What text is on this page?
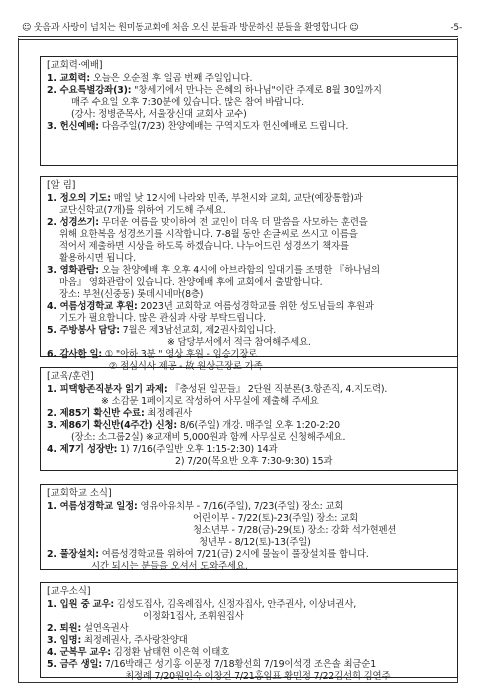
☺ 웃음과 사랑이 넘치는 원미동교회에 처음 오신 분들과 방문하신 분들을 환영합니다 ☺	-5-
[교회력·예배]
1. 교회력: 오늘은 오순절 후 일곱 번째 주일입니다.
2. 수요특별강좌(3): "창세기에서 만나는 은혜의 하나님"이란 주제로 8월 30일까지
매주 수요일 오후 7:30분에 있습니다. 많은 참여 바랍니다.
(강사: 정병준목사, 서울장신대 교회사 교수)
3. 헌신예배: 다음주일(7/23) 찬양예배는 구역지도자 헌신예배로 드립니다.
[알 림]
1. 정오의 기도: 매일 낮 12시에 나라와 민족, 부천시와 교회, 교단(예장통합)과
교단신학교(7개)를 위하여 기도해 주세요.
2. 성경쓰기: 무더운 여름을 맞이하여 전 교인이 더욱 더 말씀을 사모하는 훈련을
위해 요한복음 성경쓰기를 시작합니다. 7-8월 동안 손글씨로 쓰시고 이름을
적어서 제출하면 시상을 하도록 하겠습니다. 나누어드린 성경쓰기 책자를
활용하시면 됩니다.
3. 영화관람: 오늘 찬양예배 후 오후 4시에 아브라함의 일대기를 조명한 『하나님의
마음』 영화관람이 있습니다. 찬양예배 후에 교회에서 출발합니다.
장소: 부천(신중동) 롯데시네마(8층)
4. 여름성경학교 후원: 2023년 교회학교 여름성경학교를 위한 성도님들의 후원과
기도가 필요합니다. 많은 관심과 사랑 부탁드립니다.
5. 주방봉사 담당: 7월은 제3남선교회, 제2권사회입니다.
※ 담당부서에서 적극 참여해주세요.
6. 감사한 일: ① "아하 3분 " 영상 후원 - 임승기장로
② 점심식사 제공 - 故 원상근장로 가족
[교육/훈련]
1. 피택항존직분자 읽기 과제: 『충성된 일꾼들』 2단원 직분론(3.항존직, 4.지도력).
※ 소감문 1페이지로 작성하여 사무실에 제출해 주세요
2. 제85기 확신반 수료: 최정례권사
3. 제86기 확신반(4주간) 신청: 8/6(주일) 개강. 매주일 오후 1:20-2:20
(장소: 소그룹2실) ※교재비 5,000원과 함께 사무실로 신청해주세요.
4. 제7기 성장반: 1) 7/16(주일반 오후 1:15-2:30) 14과
2) 7/20(목요반 오후 7:30-9:30) 15과
[교회학교 소식]
1. 여름성경학교 일정: 영유아유치부 - 7/16(주일), 7/23(주일) 장소: 교회
어린이부 - 7/22(토)-23(주일) 장소: 교회
청소년부 - 7/28(금)-29(토) 장소: 강화 석가현펜션
청년부 - 8/12(토)-13(주일)
2. 풀장설치: 여름성경학교를 위하여 7/21(금) 2시에 물놀이 풀장설치를 합니다.
시간 되시는 분들을 오셔서 도와주세요.
[교우소식]
1. 입원 중 교우: 김성도집사, 김옥례집사, 신정자집사, 안주권사, 이상녀권사,
이정화1집사, 조휘원집사
2. 퇴원: 설연옥권사
3. 임명: 최정례권사, 주사랑찬양대
4. 군복무 교우: 김정환 남태현 이은혁 이태호
5. 금주 생일: 7/16박래근 성기홍 이문정 7/18황선희 7/19이석경 조은솔 최금순1
최정례 7/20원인숙 이창건 7/21홍임표 황민정 7/22김선희 김연주
